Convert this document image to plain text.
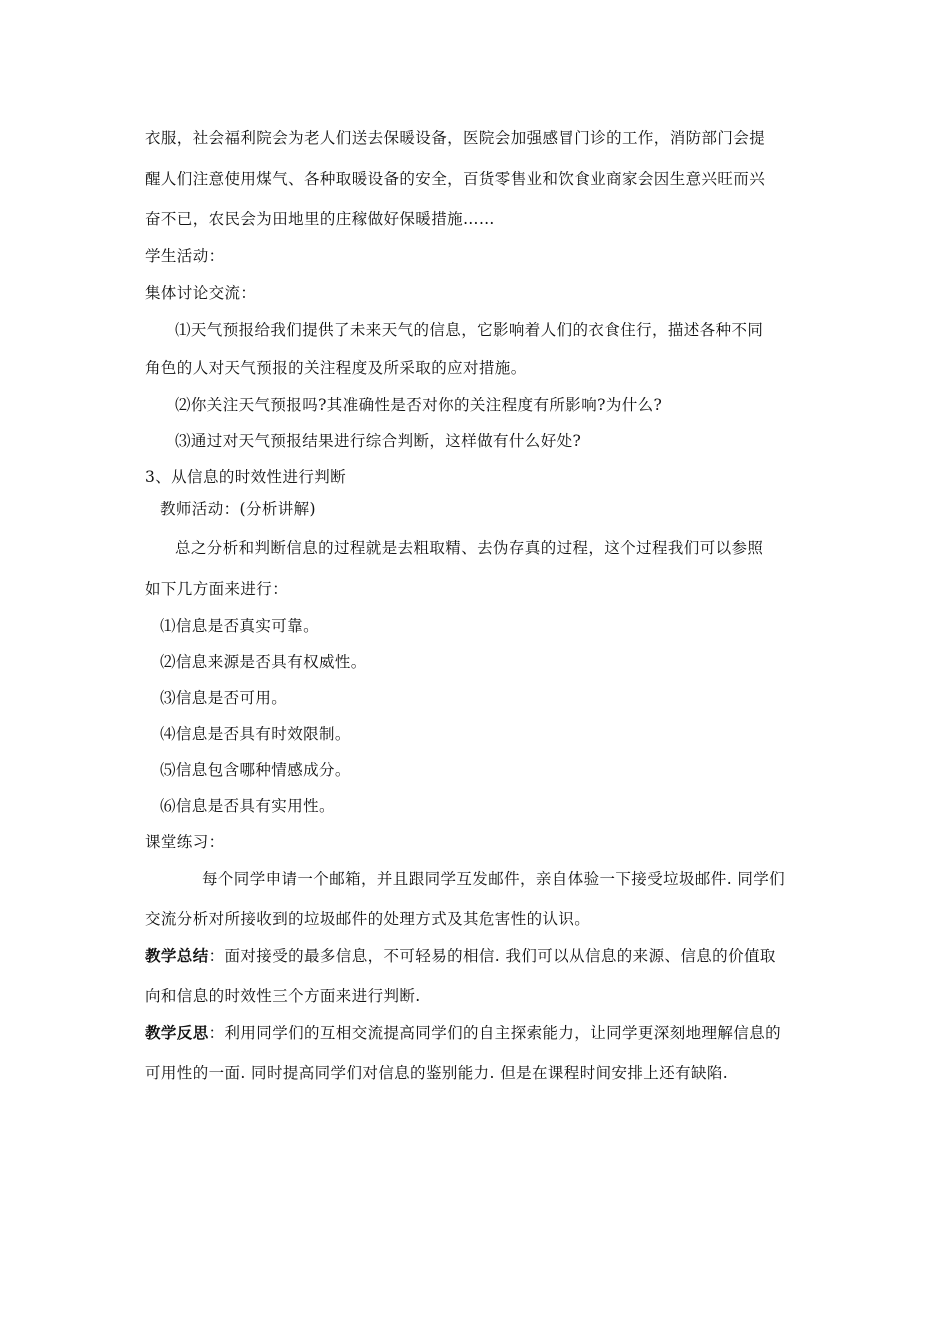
衣服，社会福利院会为老人们送去保暖设备，医院会加强感冒门诊的工作，消防部门会提
醒人们注意使用煤气、各种取暖设备的安全，百货零售业和饮食业商家会因生意兴旺而兴
奋不已，农民会为田地里的庄稼做好保暖措施……
学生活动：
集体讨论交流：
⑴天气预报给我们提供了未来天气的信息，它影响着人们的衣食住行，描述各种不同
角色的人对天气预报的关注程度及所采取的应对措施。
⑵你关注天气预报吗?其准确性是否对你的关注程度有所影响?为什么?
⑶通过对天气预报结果进行综合判断，这样做有什么好处?
3、从信息的时效性进行判断
教师活动：(分析讲解)
总之分析和判断信息的过程就是去粗取精、去伪存真的过程，这个过程我们可以参照
如下几方面来进行：
⑴信息是否真实可靠。
⑵信息来源是否具有权威性。
⑶信息是否可用。
⑷信息是否具有时效限制。
⑸信息包含哪种情感成分。
⑹信息是否具有实用性。
课堂练习：
每个同学申请一个邮箱，并且跟同学互发邮件，亲自体验一下接受垃圾邮件. 同学们
交流分析对所接收到的垃圾邮件的处理方式及其危害性的认识。
教学总结：面对接受的最多信息，不可轻易的相信. 我们可以从信息的来源、信息的价值取
向和信息的时效性三个方面来进行判断.
教学反思：利用同学们的互相交流提高同学们的自主探索能力，让同学更深刻地理解信息的
可用性的一面. 同时提高同学们对信息的鉴别能力. 但是在课程时间安排上还有缺陷.
